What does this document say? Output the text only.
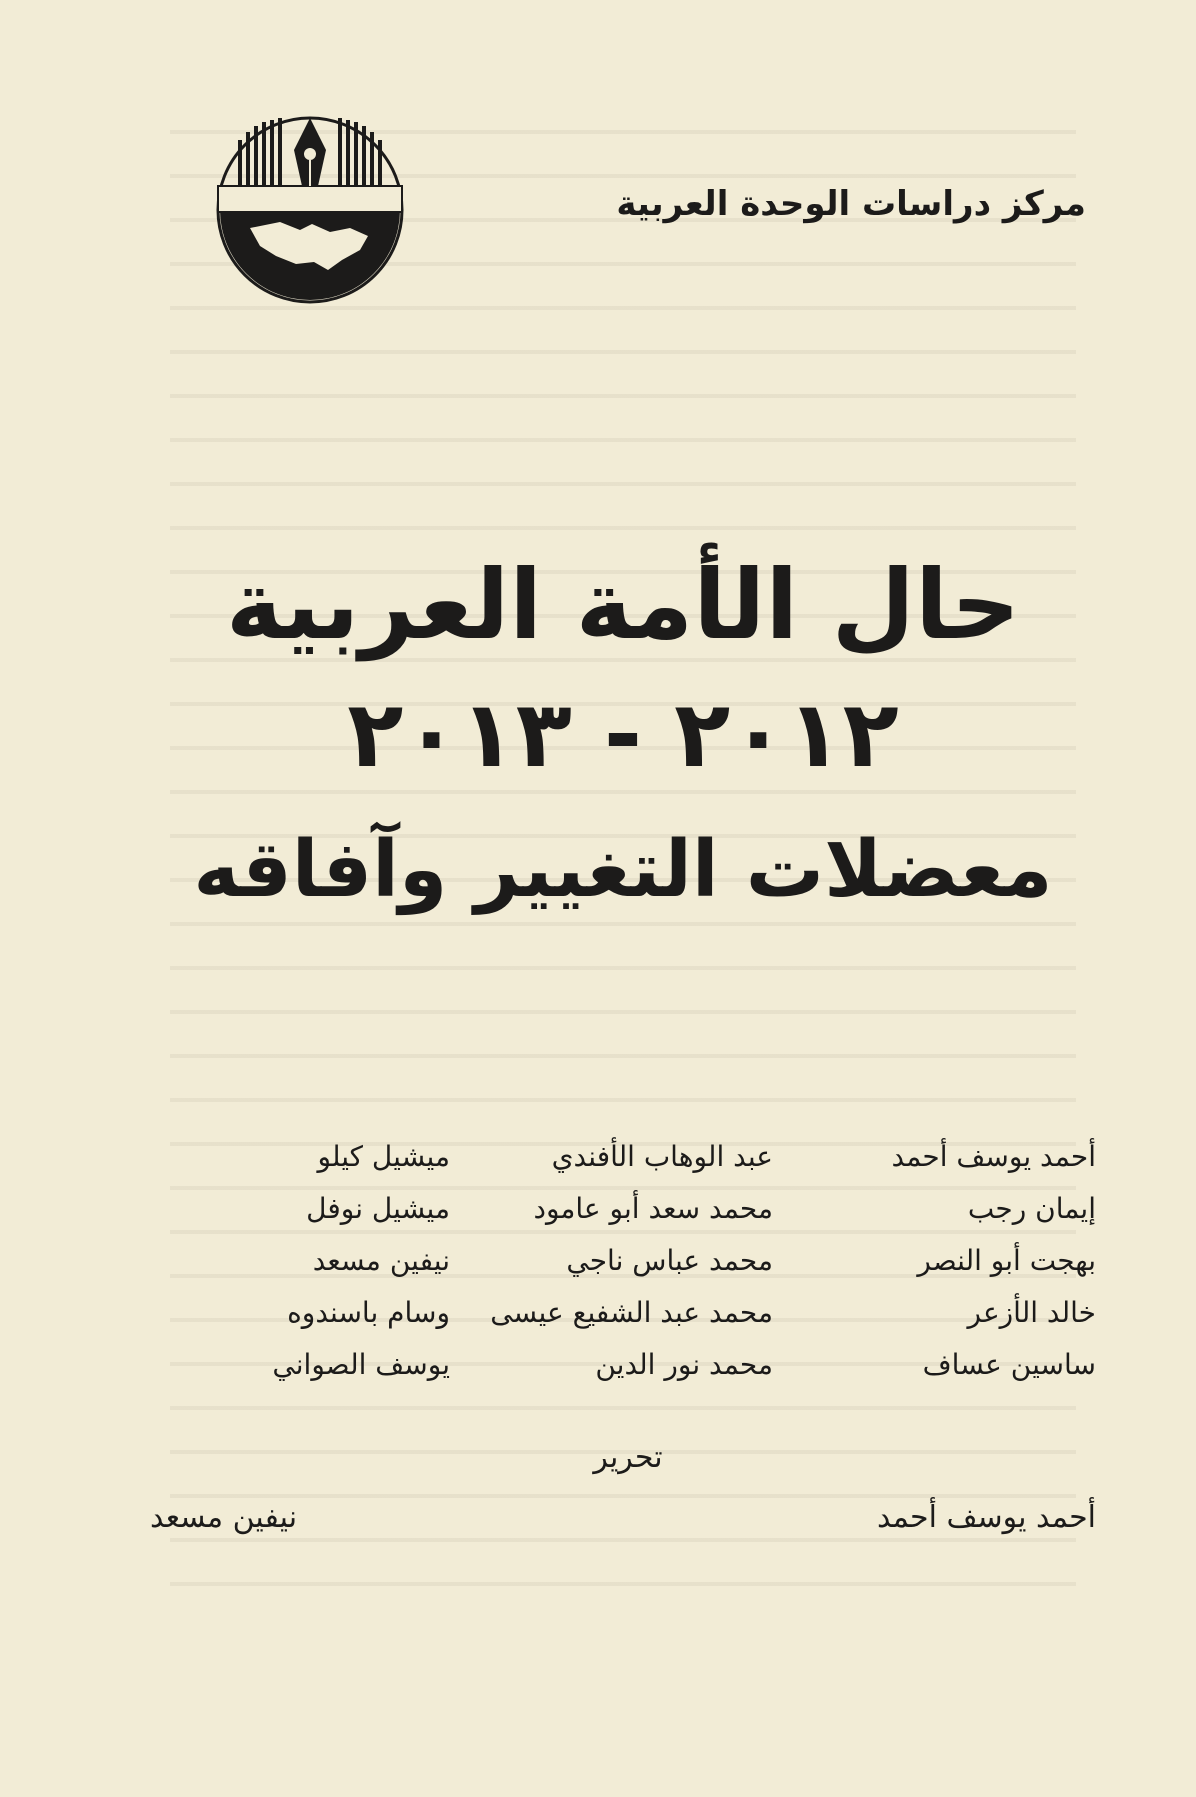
مركز دراسات الوحدة العربية
حال الأمة العربية
٢٠١٢ - ٢٠١٣
معضلات التغيير وآفاقه
أحمد يوسف أحمد
عبد الوهاب الأفندي
ميشيل كيلو
إيمان رجب
محمد سعد أبو عامود
ميشيل نوفل
بهجت أبو النصر
محمد عباس ناجي
نيفين مسعد
خالد الأزعر
محمد عبد الشفيع عيسى
وسام باسندوه
ساسين عساف
محمد نور الدين
يوسف الصواني
تحرير
أحمد يوسف أحمد
نيفين مسعد
